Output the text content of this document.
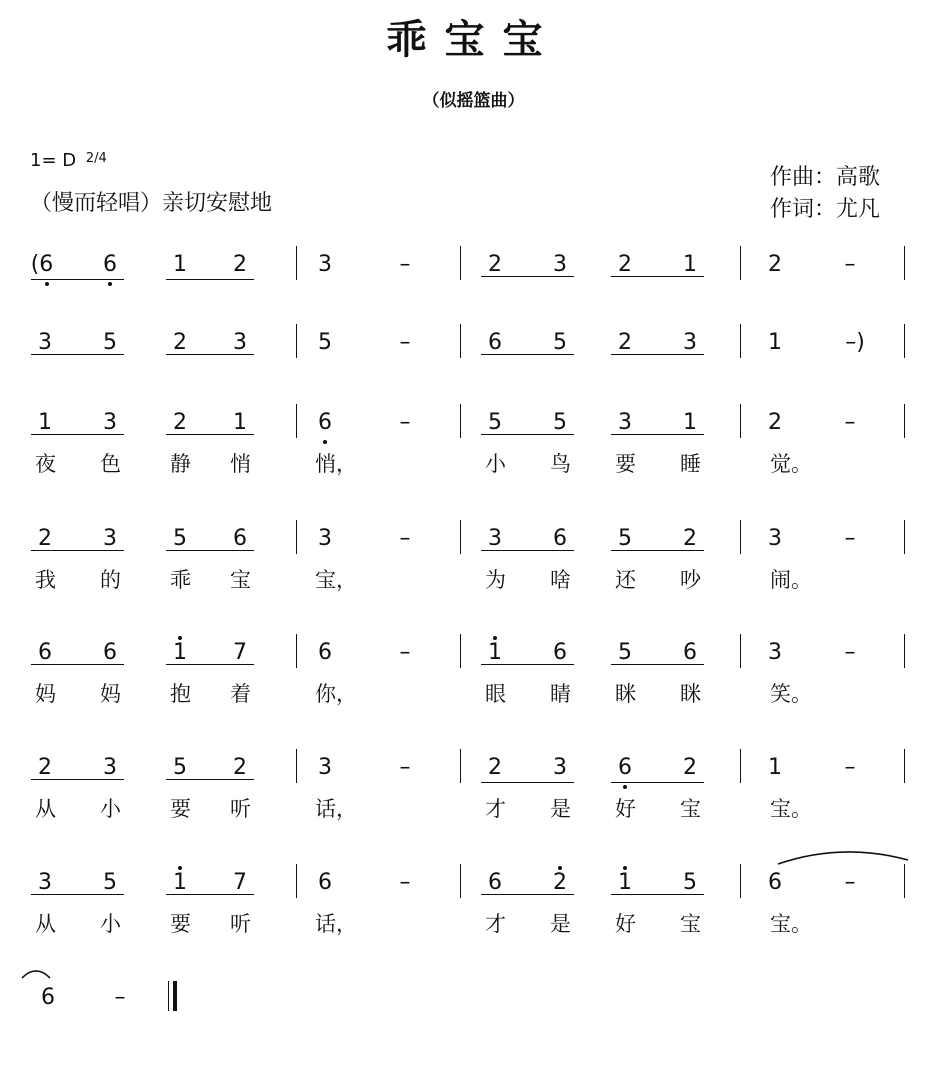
乖宝宝
（似摇篮曲）
1= D $^{2/4}$
（慢而轻唱）亲切安慰地
作曲：高歌
作词：尤凡
(6	6	1	2	3	–	2	3	2	1	2	–
3	5	2	3	5	–	6	5	2	3	1	–)
1	3	2	1	6	–	5	5	3	1	2	–
夜	色	静	悄	悄，	小	鸟	要	睡	觉。
2	3	5	6	3	–	3	6	5	2	3	–
我	的	乖	宝	宝，	为	啥	还	吵	闹。
6	6	1	7	6	–	1	6	5	6	3	–
妈	妈	抱	着	你，	眼	睛	眯	眯	笑。
2	3	5	2	3	–	2	3	6	2	1	–
从	小	要	听	话，	才	是	好	宝	宝。
3	5	1	7	6	–	6	2	1	5	6	–
从	小	要	听	话，	才	是	好	宝	宝。
6	–
